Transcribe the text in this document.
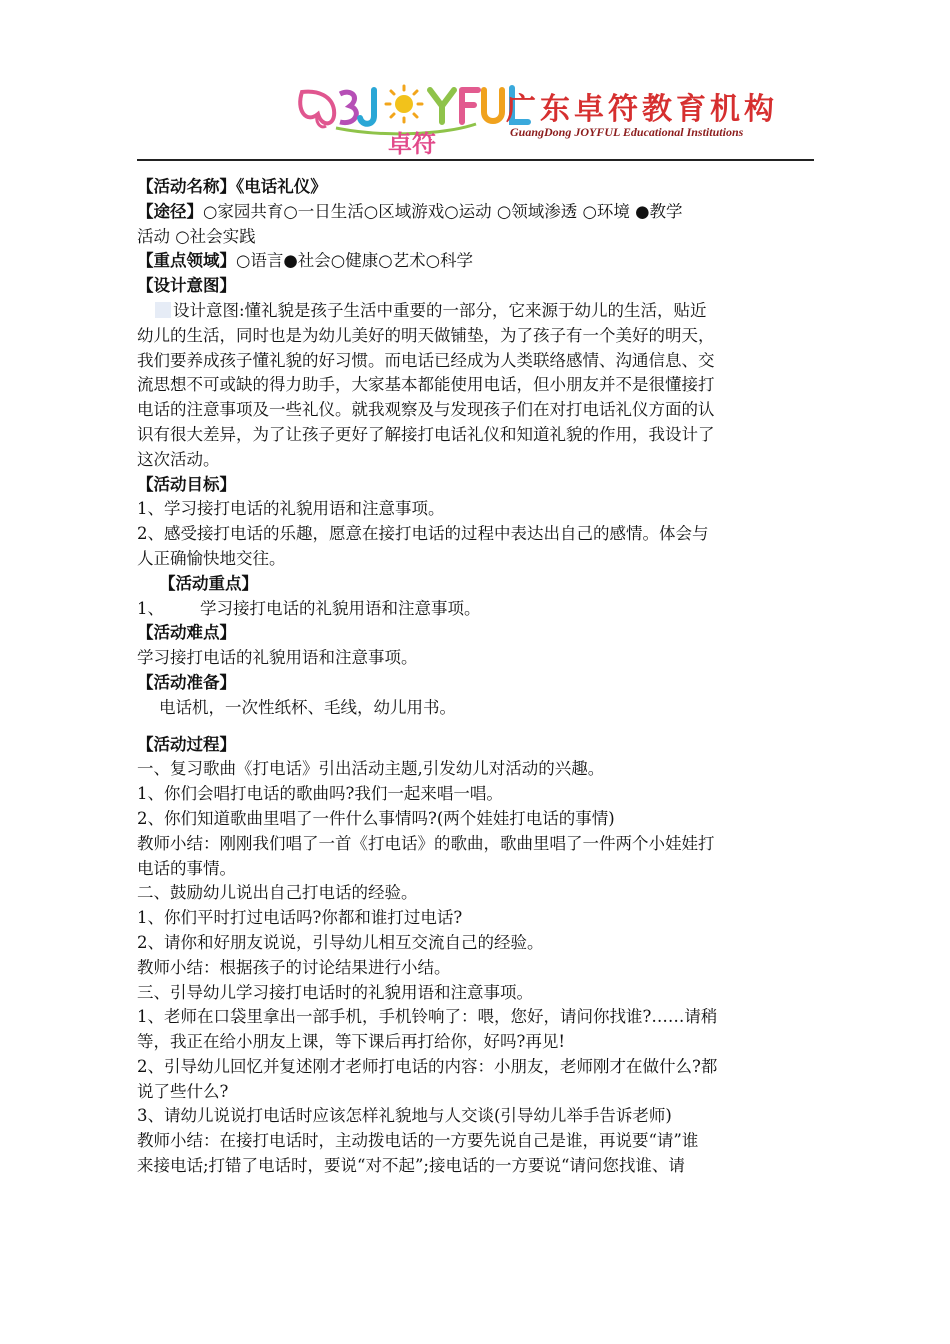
卓符
广东卓符教育机构
GuangDong JOYFUL Educational Institutions

【活动名称】《电话礼仪》

【途径】○家园共育○一日生活○区域游戏○运动 ○领域渗透 ○环境 ●教学

活动 ○社会实践

【重点领域】○语言●社会○健康○艺术○科学

【设计意图】

设计意图:懂礼貌是孩子生活中重要的一部分，它来源于幼儿的生活，贴近

幼儿的生活，同时也是为幼儿美好的明天做铺垫，为了孩子有一个美好的明天，

我们要养成孩子懂礼貌的好习惯。而电话已经成为人类联络感情、沟通信息、交

流思想不可或缺的得力助手，大家基本都能使用电话，但小朋友并不是很懂接打

电话的注意事项及一些礼仪。就我观察及与发现孩子们在对打电话礼仪方面的认

识有很大差异，为了让孩子更好了解接打电话礼仪和知道礼貌的作用，我设计了

这次活动。

【活动目标】

1、学习接打电话的礼貌用语和注意事项。

2、感受接打电话的乐趣，愿意在接打电话的过程中表达出自己的感情。体会与

人正确愉快地交往。

【活动重点】

1、 学习接打电话的礼貌用语和注意事项。

【活动难点】

学习接打电话的礼貌用语和注意事项。

【活动准备】

电话机，一次性纸杯、毛线，幼儿用书。

【活动过程】

一、复习歌曲《打电话》引出活动主题,引发幼儿对活动的兴趣。

1、你们会唱打电话的歌曲吗?我们一起来唱一唱。

2、你们知道歌曲里唱了一件什么事情吗?(两个娃娃打电话的事情)

教师小结：刚刚我们唱了一首《打电话》的歌曲，歌曲里唱了一件两个小娃娃打

电话的事情。

二、鼓励幼儿说出自己打电话的经验。

1、你们平时打过电话吗?你都和谁打过电话?

2、请你和好朋友说说，引导幼儿相互交流自己的经验。

教师小结：根据孩子的讨论结果进行小结。

三、引导幼儿学习接打电话时的礼貌用语和注意事项。

1、老师在口袋里拿出一部手机，手机铃响了：喂，您好，请问你找谁?……请稍

等，我正在给小朋友上课，等下课后再打给你，好吗?再见!

2、引导幼儿回忆并复述刚才老师打电话的内容：小朋友，老师刚才在做什么?都

说了些什么?

3、请幼儿说说打电话时应该怎样礼貌地与人交谈(引导幼儿举手告诉老师)

教师小结：在接打电话时，主动拨电话的一方要先说自己是谁，再说要“请”谁

来接电话;打错了电话时，要说“对不起”;接电话的一方要说“请问您找谁、请
